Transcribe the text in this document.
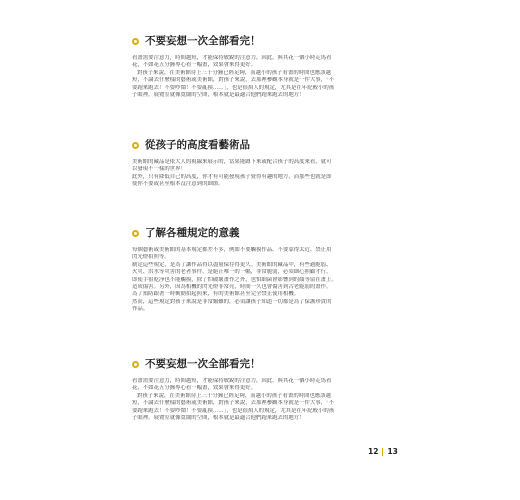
不要妄想一次全部看完！
看畫需要注意力，時間越短，才能保持敏銳的注意力，因此，與其花一個小時走馬看
花，不如花五分鐘專心看一幅畫，效果會來得更好。
對孩子來說，在美術館待上三十分鐘已經足夠，而越小的孩子看畫的時間也應該越
短，不論去什麼樣的藝術或美術館，對孩子來說，去那裡參觀本身就是一件大事，「不
要跑來跑去！不要吵鬧！不要亂摸……」，也是很煩人的規定，尤其是在年紀較小的孩
子眼裡，展覽室就像寬闊的空間，根本就是最適合他們跑來跑去的地方！
從孩子的高度看藝術品
美術館的藏品是依大人的視線來展示的，當果能蹲下來或配合孩子的高度來看，就可
以發現不一樣的世界！
此外，只有降低自己的高度，你才有可能發現孩子覺得有趣的地方，而那些也就是即
使你不要或甚至根本沒注意到的細節。
了解各種規定的意義
每個藝術或美術館的基本規定都差不多，例如不要觸摸作品、不要靠得太近、禁止用
閃光燈拍照等。
制定這些規定，是為了讓作品得以盡量保存得更久。美術館的藏品中，有些過脆弱、
火災、洪水等災害的老者事件，是絕止唯一的一幅，非常脆弱，必須細心照顧才行。
即使手很乾淨也不能觸摸，除了怕破壞畫作之外，也怕細菌會影響到的顏等留在畫上。
造成傷害。另外，因為相機的閃光燈非常亮，時間一久也會傷害到古老脆弱的畫作。
為了預防跟著一時衝動拍起照來，有的美術館甚至完全禁止使用相機。
然而，這些規定對孩子來說是非常艱難的，必須讓孩子知道一切都是為了保護珍貴的
作品。
不要妄想一次全部看完！
看畫需要注意力，時間越短，才能保持敏銳的注意力，因此，與其花一個小時走馬看
花，不如花五分鐘專心看一幅畫，效果會來得更好。
對孩子來說，在美術館待上三十分鐘已經足夠，而越小的孩子看畫的時間也應該越
短，不論去什麼樣的藝術或美術館，對孩子來說，去那裡參觀本身就是一件大事，「不
要跑來跑去！不要吵鬧！不要亂摸……」，也是很煩人的規定，尤其是在年紀較小的孩
子眼裡，展覽室就像寬闊的空間，根本就是最適合他們跑來跑去的地方！
12 13
